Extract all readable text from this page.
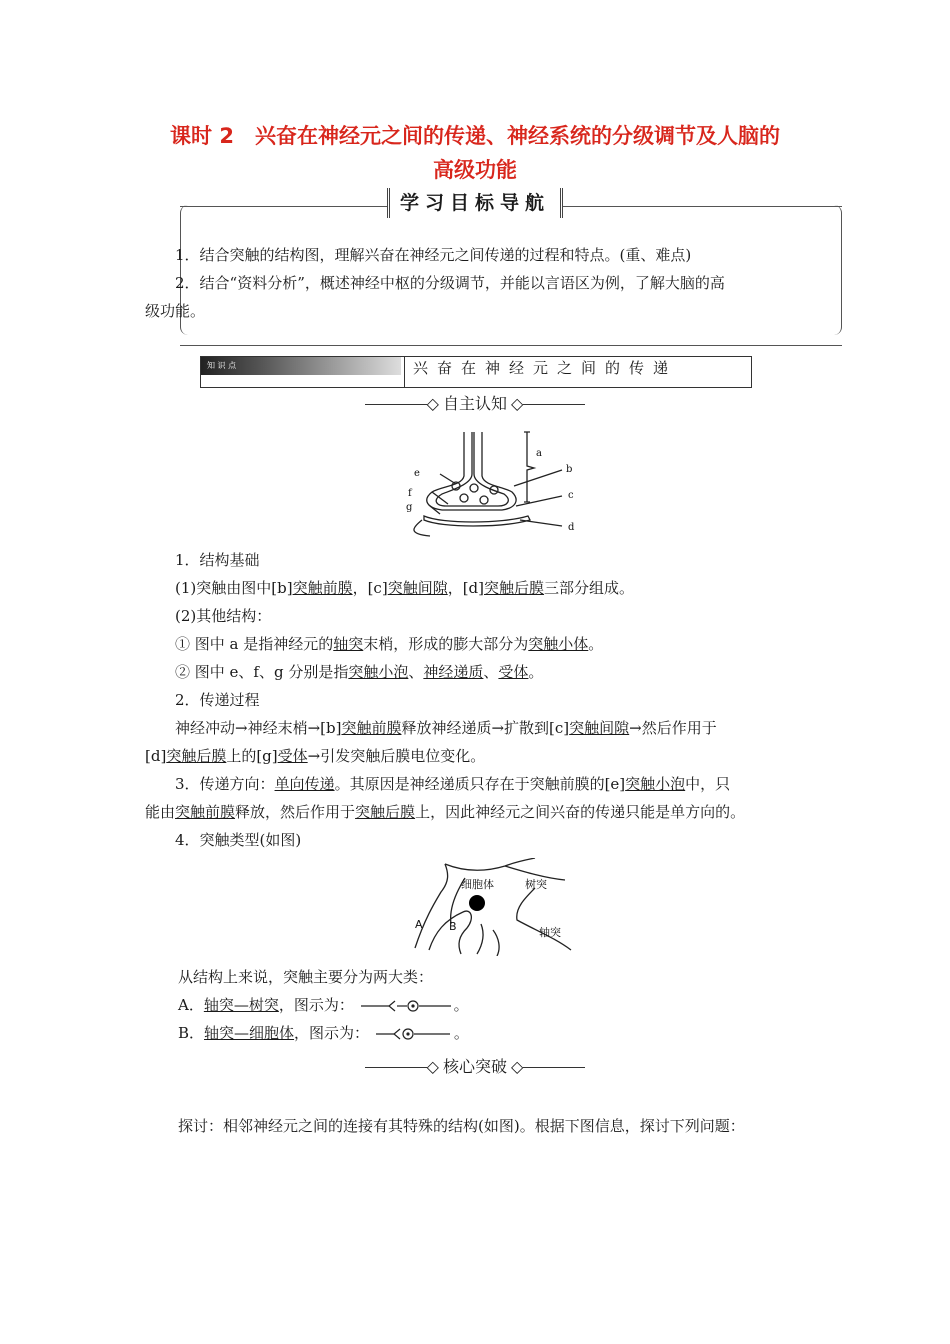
课时 2　兴奋在神经元之间的传递、神经系统的分级调节及人脑的
高级功能
学习目标导航
1．结合突触的结构图，理解兴奋在神经元之间传递的过程和特点。(重、难点)
2．结合“资料分析”，概述神经中枢的分级调节，并能以言语区为例，了解大脑的高
级功能。
知 识 点	兴奋在神经元之间的传递
◇ 自主认知 ◇
a
b
c
d
e
f
g
1．结构基础
(1)突触由图中[b]突触前膜，[c]突触间隙，[d]突触后膜三部分组成。
(2)其他结构：
① 图中 a 是指神经元的轴突末梢，形成的膨大部分为突触小体。
② 图中 e、f、g 分别是指突触小泡、神经递质、受体。
2．传递过程
神经冲动→神经末梢→[b]突触前膜释放神经递质→扩散到[c]突触间隙→然后作用于
[d]突触后膜上的[g]受体→引发突触后膜电位变化。
3．传递方向：单向传递。其原因是神经递质只存在于突触前膜的[e]突触小泡中，只
能由突触前膜释放，然后作用于突触后膜上，因此神经元之间兴奋的传递只能是单方向的。
4．突触类型(如图)
细胞体	树突
轴突
A B
从结构上来说，突触主要分为两大类：
A．轴突—树突，图示为：	。
B．轴突—细胞体，图示为：	。
◇ 核心突破 ◇
探讨：相邻神经元之间的连接有其特殊的结构(如图)。根据下图信息，探讨下列问题：
